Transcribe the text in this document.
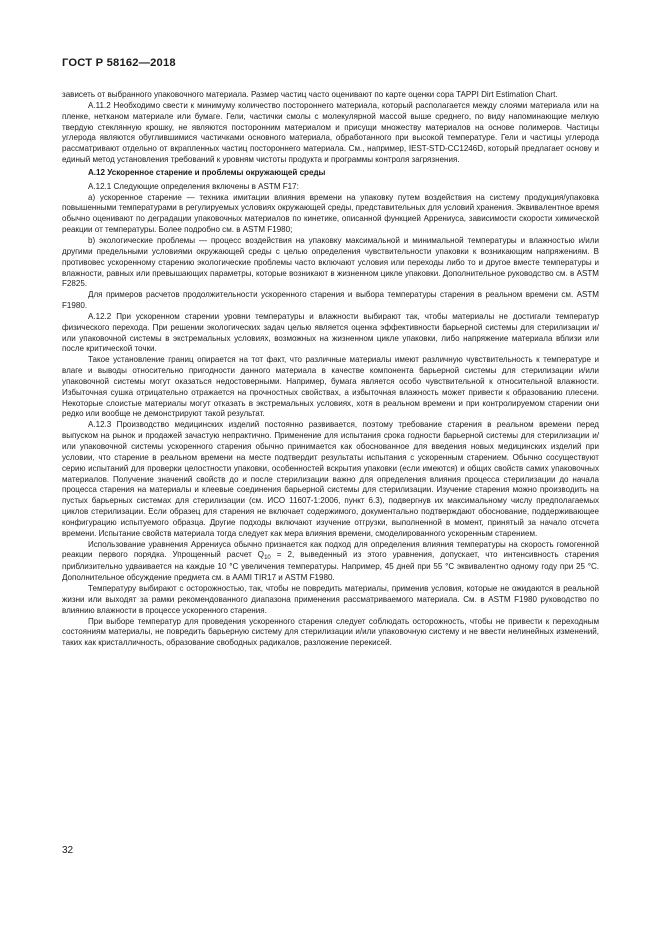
ГОСТ Р 58162—2018

зависеть от выбранного упаковочного материала. Размер частиц часто оценивают по карте оценки сора TAPPI Dirt Estimation Chart.

А.11.2 Необходимо свести к минимуму количество постороннего материала, который располагается между слоями материала или на пленке, нетканом материале или бумаге. Гели, частички смолы с молекулярной массой выше среднего, по виду напоминающие мелкую твердую стеклянную крошку, не являются посторонним материалом и присущи множеству материалов на основе полимеров. Частицы углерода являются обуглившимися частичками основного материала, обработанного при высокой температуре. Гели и частицы углерода рассматривают отдельно от вкрапленных частиц постороннего материала. См., например, IEST-STD-CC1246D, который предлагает основу и единый метод установления требований к уровням чистоты продукта и программы контроля загрязнения.

А.12 Ускоренное старение и проблемы окружающей среды

А.12.1 Следующие определения включены в ASTM F17:

а) ускоренное старение — техника имитации влияния времени на упаковку путем воздействия на систему продукция/упаковка повышенными температурами в регулируемых условиях окружающей среды, представительных для условий хранения. Эквивалентное время обычно оценивают по деградации упаковочных материалов по кинетике, описанной функцией Аррениуса, зависимости скорости химической реакции от температуры. Более подробно см. в ASTM F1980;

b) экологические проблемы — процесс воздействия на упаковку максимальной и минимальной температуры и влажностью и/или другими предельными условиями окружающей среды с целью определения чувствительности упаковки к возникающим напряжениям. В противовес ускоренному старению экологические проблемы часто включают условия или переходы либо то и другое вместе температуры и влажности, равных или превышающих параметры, которые возникают в жизненном цикле упаковки. Дополнительное руководство см. в ASTM F2825.

Для примеров расчетов продолжительности ускоренного старения и выбора температуры старения в реальном времени см. ASTM F1980.

А.12.2 При ускоренном старении уровни температуры и влажности выбирают так, чтобы материалы не достигали температур физического перехода. При решении экологических задач целью является оценка эффективности барьерной системы для стерилизации и/или упаковочной системы в экстремальных условиях, возможных на жизненном цикле упаковки, либо напряжение материала вблизи или после критической точки.

Такое установление границ опирается на тот факт, что различные материалы имеют различную чувствительность к температуре и влаге и выводы относительно пригодности данного материала в качестве компонента барьерной системы для стерилизации и/или упаковочной системы могут оказаться недостоверными. Например, бумага является особо чувствительной к относительной влажности. Избыточная сушка отрицательно отражается на прочностных свойствах, а избыточная влажность может привести к образованию плесени. Некоторые слоистые материалы могут отказать в экстремальных условиях, хотя в реальном времени и при контролируемом старении они редко или вообще не демонстрируют такой результат.

А.12.3 Производство медицинских изделий постоянно развивается, поэтому требование старения в реальном времени перед выпуском на рынок и продажей зачастую непрактично. Применение для испытания срока годности барьерной системы для стерилизации и/или упаковочной системы ускоренного старения обычно принимается как обоснованное для введения новых медицинских изделий при условии, что старение в реальном времени на месте подтвердит результаты испытания с ускоренным старением. Обычно сосуществуют серию испытаний для проверки целостности упаковки, особенностей вскрытия упаковки (если имеются) и общих свойств самих упаковочных материалов. Получение значений свойств до и после стерилизации важно для определения влияния процесса стерилизации до начала процесса старения на материалы и клеевые соединения барьерной системы для стерилизации. Изучение старения можно производить на пустых барьерных системах для стерилизации (см. ИСО 11607-1:2006, пункт 6.3), подвергнув их максимальному числу предполагаемых циклов стерилизации. Если образец для старения не включает содержимого, документально подтверждают обоснование, поддерживающее конфигурацию испытуемого образца. Другие подходы включают изучение отгрузки, выполненной в момент, принятый за начало отсчета времени. Испытание свойств материала тогда следует как мера влияния времени, смоделированного ускоренным старением.

Использование уравнения Аррениуса обычно признается как подход для определения влияния температуры на скорость гомогенной реакции первого порядка. Упрощенный расчет $Q_{10} = 2$, выведенный из этого уравнения, допускает, что интенсивность старения приблизительно удваивается на каждые 10 °С увеличения температуры. Например, 45 дней при 55 °С эквивалентно одному году при 25 °С. Дополнительное обсуждение предмета см. в AAMI TIR17 и ASTM F1980.

Температуру выбирают с осторожностью, так, чтобы не повредить материалы, применив условия, которые не ожидаются в реальной жизни или выходят за рамки рекомендованного диапазона применения рассматриваемого материала. См. в ASTM F1980 руководство по влиянию влажности в процессе ускоренного старения.

При выборе температур для проведения ускоренного старения следует соблюдать осторожность, чтобы не привести к переходным состояниям материалы, не повредить барьерную систему для стерилизации и/или упаковочную систему и не ввести нелинейных изменений, таких как кристалличность, образование свободных радикалов, разложение перекисей.

32
